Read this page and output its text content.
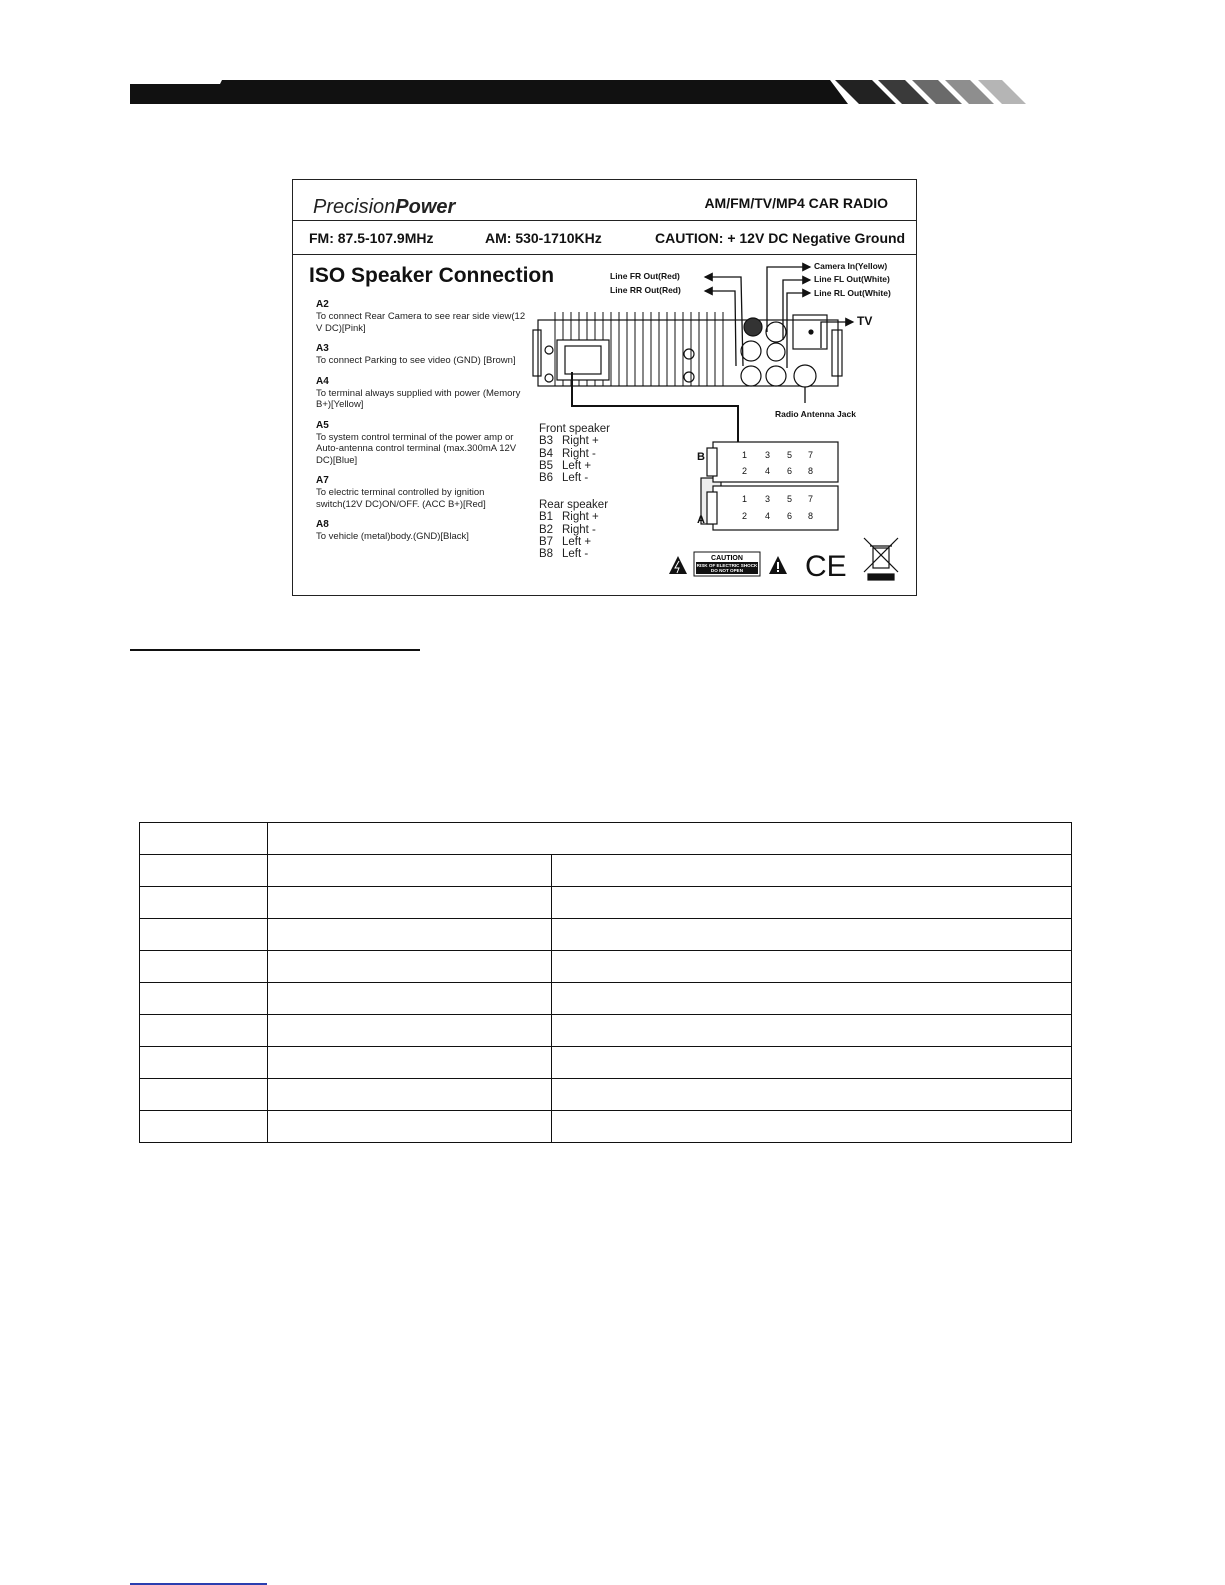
PrecisionPower	AM/FM/TV/MP4 CAR RADIO
FM: 87.5-107.9MHz	AM: 530-1710KHz	CAUTION: + 12V DC Negative Ground
ISO Speaker Connection
A2
To connect Rear Camera to see rear side view(12 V DC)[Pink]
A3
To connect Parking to see video (GND) [Brown]
A4
To terminal always supplied with power (Memory B+)[Yellow]
A5
To system control terminal of the power amp or Auto-antenna control terminal (max.300mA 12V DC)[Blue]
A7
To electric terminal controlled by ignition switch(12V DC)ON/OFF. (ACC B+)[Red]
A8
To vehicle (metal)body.(GND)[Black]
Front speaker
B3 Right +
B4 Right -
B5 Left +
B6 Left -
Rear speaker
B1 Right +
B2 Right -
B7 Left +
B8 Left -
Line FR Out(Red)
Line RR Out(Red)
Camera In(Yellow)
Line FL Out(White)
Line RL Out(White)
TV
Radio Antenna Jack
B
A
1 3 5 7
2 4 6 8
1 3 5 7
2 4 6 8
CAUTION
RISK OF ELECTRIC SHOCK
DO NOT OPEN CE
